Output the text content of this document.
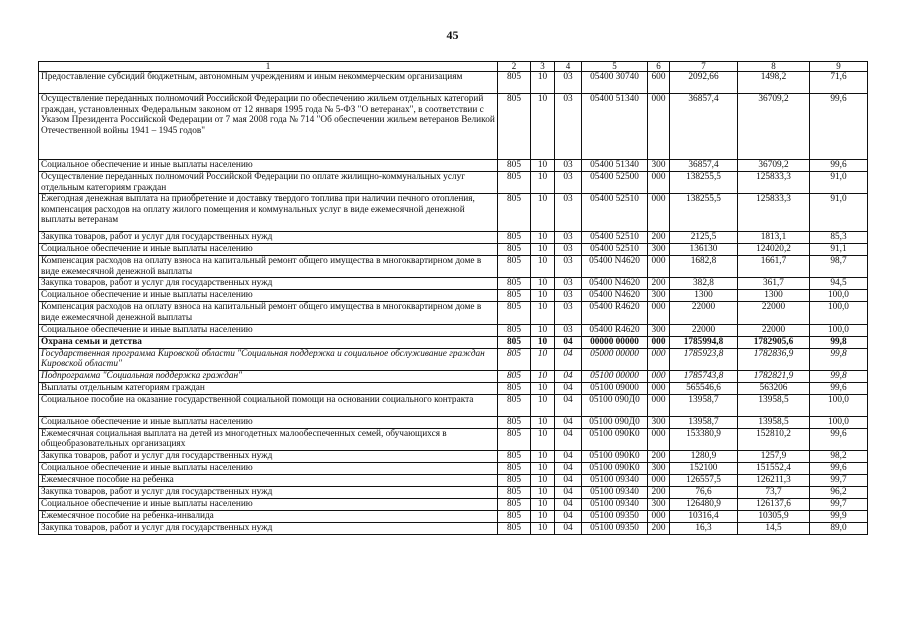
45
1	2	3	4	5	6	7	8	9
Предоставление субсидий бюджетным, автономным учреждениям и иным некоммерческим организациям	805	10	03	05400 30740	600	2092,66	1498,2	71,6
Осуществление переданных полномочий Российской Федерации по обеспечению жильем отдельных категорий граждан, установленных Федеральным законом от 12 января 1995 года № 5-ФЗ "О ветеранах", в соответствии с Указом Президента Российской Федерации от 7 мая 2008 года № 714 "Об обеспечении жильем ветеранов Великой Отечественной войны 1941 – 1945 годов"	805	10	03	05400 51340	000	36857,4	36709,2	99,6
Социальное обеспечение и иные выплаты населению	805	10	03	05400 51340	300	36857,4	36709,2	99,6
Осуществление переданных полномочий Российской Федерации по оплате жилищно-коммунальных услуг отдельным категориям граждан	805	10	03	05400 52500	000	138255,5	125833,3	91,0
Ежегодная денежная выплата на приобретение и доставку твердого топлива при наличии печного отопления, компенсация расходов на оплату жилого помещения и коммунальных услуг в виде ежемесячной денежной выплаты ветеранам	805	10	03	05400 52510	000	138255,5	125833,3	91,0
Закупка товаров, работ и услуг для государственных нужд	805	10	03	05400 52510	200	2125,5	1813,1	85,3
Социальное обеспечение и иные выплаты населению	805	10	03	05400 52510	300	136130	124020,2	91,1
Компенсация расходов на оплату взноса на капитальный ремонт общего имущества в многоквартирном доме в виде ежемесячной денежной выплаты	805	10	03	05400 N4620	000	1682,8	1661,7	98,7
Закупка товаров, работ и услуг для государственных нужд	805	10	03	05400 N4620	200	382,8	361,7	94,5
Социальное обеспечение и иные выплаты населению	805	10	03	05400 N4620	300	1300	1300	100,0
Компенсация расходов на оплату взноса на капитальный ремонт общего имущества в многоквартирном доме в виде ежемесячной денежной выплаты	805	10	03	05400 R4620	000	22000	22000	100,0
Социальное обеспечение и иные выплаты населению	805	10	03	05400 R4620	300	22000	22000	100,0
Охрана семьи и детства	805	10	04	00000 00000	000	1785994,8	1782905,6	99,8
Государственная программа Кировской области "Социальная поддержка и социальное обслуживание граждан Кировской области"	805	10	04	05000 00000	000	1785923,8	1782836,9	99,8
Подпрограмма "Социальная поддержка граждан"	805	10	04	05100 00000	000	1785743,8	1782821,9	99,8
Выплаты отдельным категориям граждан	805	10	04	05100 09000	000	565546,6	563206	99,6
Социальное пособие на оказание государственной социальной помощи на основании социального контракта	805	10	04	05100 090Д0	000	13958,7	13958,5	100,0
Социальное обеспечение и иные выплаты населению	805	10	04	05100 090Д0	300	13958,7	13958,5	100,0
Ежемесячная социальная выплата на детей из многодетных малообеспеченных семей, обучающихся в общеобразовательных организациях	805	10	04	05100 090К0	000	153380,9	152810,2	99,6
Закупка товаров, работ и услуг для государственных нужд	805	10	04	05100 090К0	200	1280,9	1257,9	98,2
Социальное обеспечение и иные выплаты населению	805	10	04	05100 090К0	300	152100	151552,4	99,6
Ежемесячное пособие на ребенка	805	10	04	05100 09340	000	126557,5	126211,3	99,7
Закупка товаров, работ и услуг для государственных нужд	805	10	04	05100 09340	200	76,6	73,7	96,2
Социальное обеспечение и иные выплаты населению	805	10	04	05100 09340	300	126480,9	126137,6	99,7
Ежемесячное пособие на ребенка-инвалида	805	10	04	05100 09350	000	10316,4	10305,9	99,9
Закупка товаров, работ и услуг для государственных нужд	805	10	04	05100 09350	200	16,3	14,5	89,0
